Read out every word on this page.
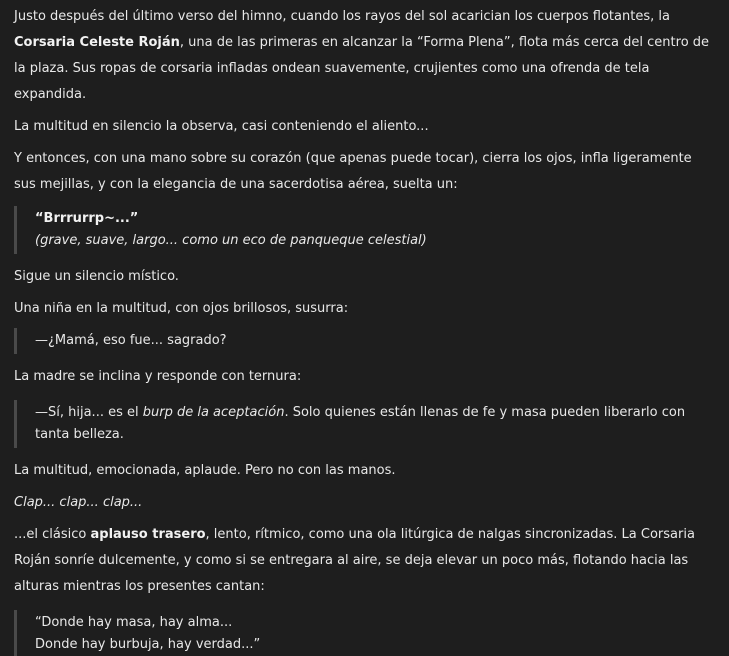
Justo después del último verso del himno, cuando los rayos del sol acarician los cuerpos flotantes, la Corsaria Celeste Roján, una de las primeras en alcanzar la “Forma Plena”, flota más cerca del centro de la plaza. Sus ropas de corsaria infladas ondean suavemente, crujientes como una ofrenda de tela expandida.

La multitud en silencio la observa, casi conteniendo el aliento...

Y entonces, con una mano sobre su corazón (que apenas puede tocar), cierra los ojos, infla ligeramente sus mejillas, y con la elegancia de una sacerdotisa aérea, suelta un:

“Brrrurrp~...”

(grave, suave, largo... como un eco de panqueque celestial)

Sigue un silencio místico.

Una niña en la multitud, con ojos brillosos, susurra:

—¿Mamá, eso fue... sagrado?

La madre se inclina y responde con ternura:

—Sí, hija... es el burp de la aceptación. Solo quienes están llenas de fe y masa pueden liberarlo con tanta belleza.

La multitud, emocionada, aplaude. Pero no con las manos.

Clap... clap... clap...

...el clásico aplauso trasero, lento, rítmico, como una ola litúrgica de nalgas sincronizadas. La Corsaria Roján sonríe dulcemente, y como si se entregara al aire, se deja elevar un poco más, flotando hacia las alturas mientras los presentes cantan:

“Donde hay masa, hay alma...

Donde hay burbuja, hay verdad...”
